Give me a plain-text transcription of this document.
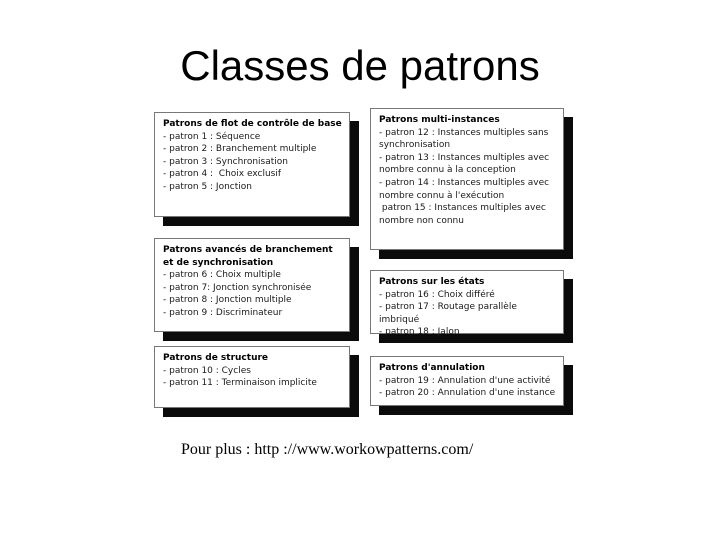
Classes de patrons
Patrons de flot de contrôle de base
- patron 1 : Séquence
- patron 2 : Branchement multiple
- patron 3 : Synchronisation
- patron 4 :  Choix exclusif
- patron 5 : Jonction
Patrons multi-instances
- patron 12 : Instances multiples sans synchronisation
- patron 13 : Instances multiples avec nombre connu à la conception
- patron 14 : Instances multiples avec nombre connu à l'exécution
patron 15 : Instances multiples avec nombre non connu
Patrons avancés de branchement et de synchronisation
- patron 6 : Choix multiple
- patron 7: Jonction synchronisée
- patron 8 : Jonction multiple
- patron 9 : Discriminateur
Patrons sur les états
- patron 16 : Choix différé
- patron 17 : Routage parallèle imbriqué
- patron 18 : Jalon
Patrons de structure
- patron 10 : Cycles
- patron 11 : Terminaison implicite
Patrons d'annulation
- patron 19 : Annulation d'une activité
- patron 20 : Annulation d'une instance
Pour plus : http ://www.workowpatterns.com/
